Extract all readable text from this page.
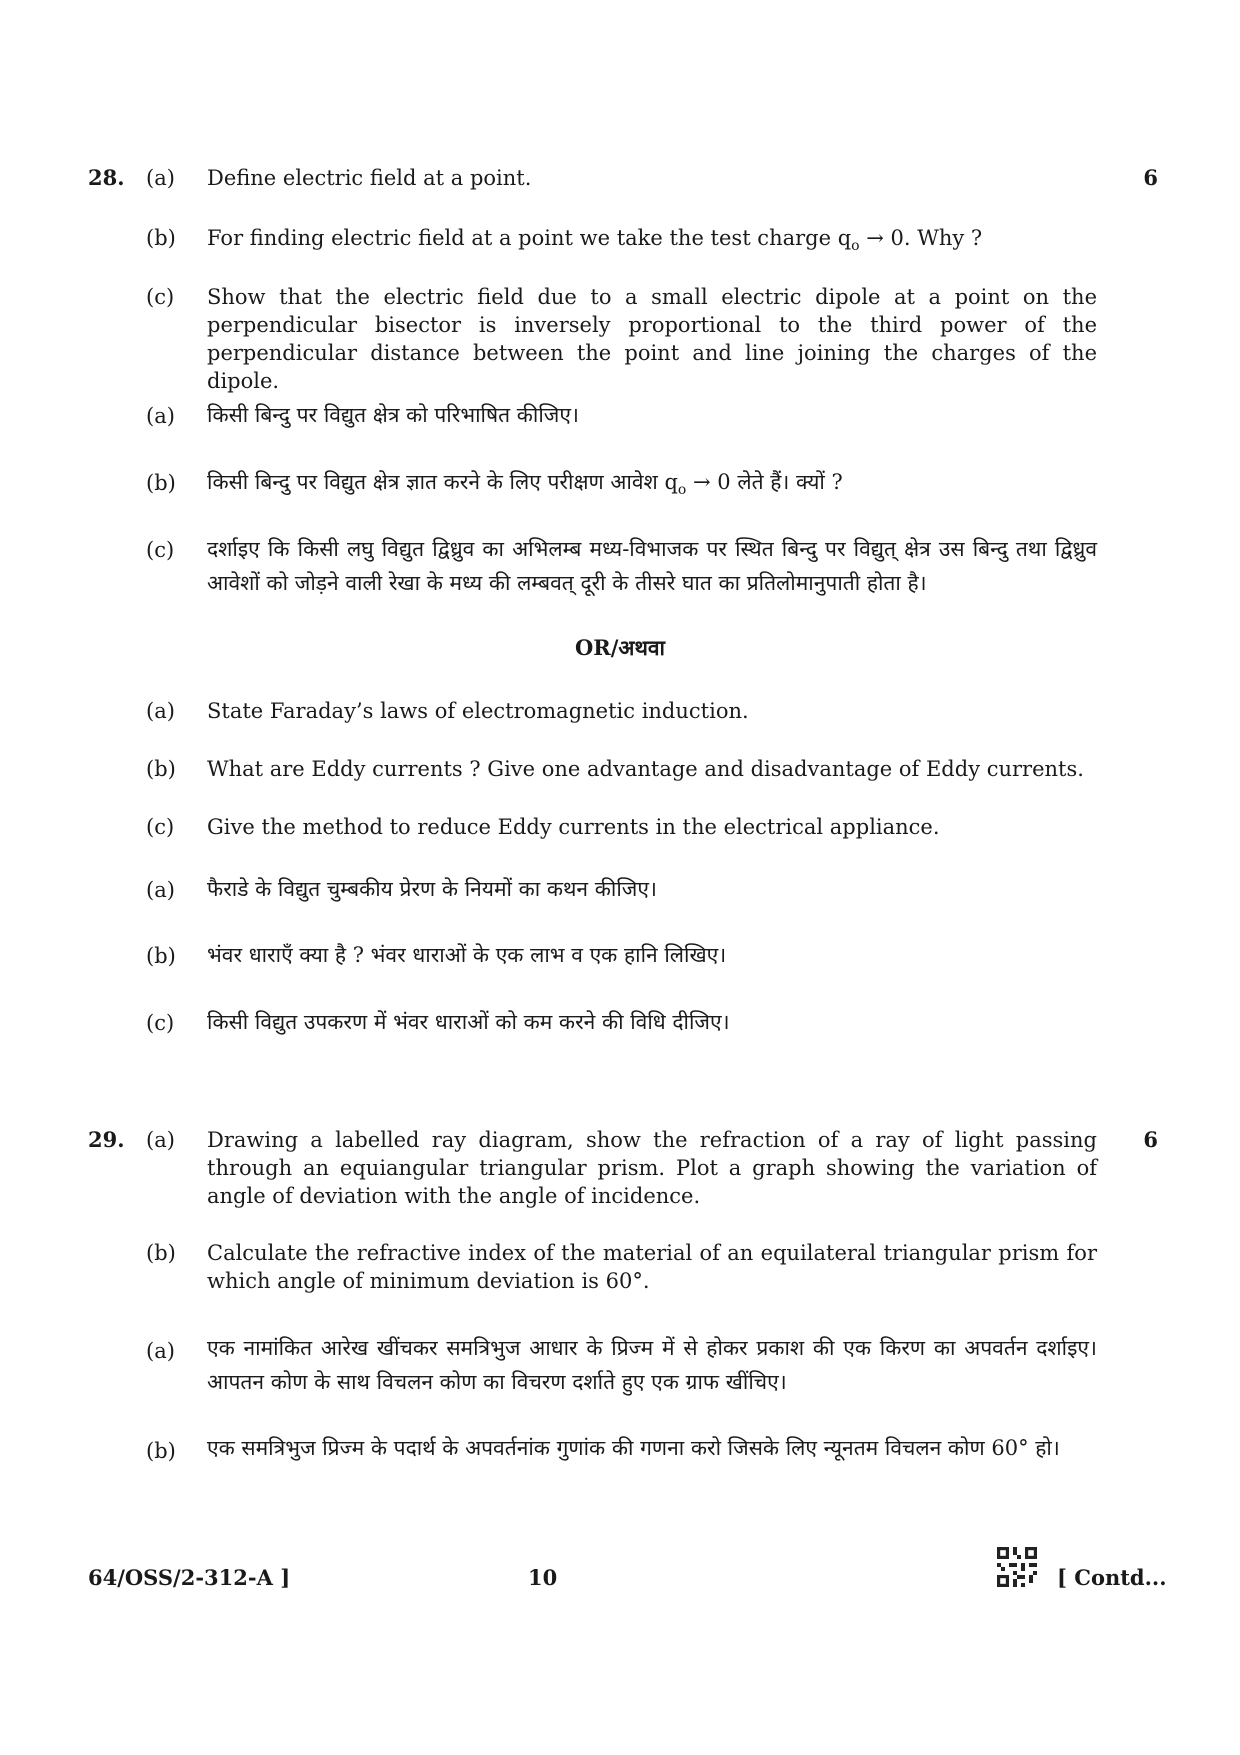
28.	6
(a) Define electric field at a point.
(b) For finding electric field at a point we take the test charge $q_o \to 0$. Why ?
(c) Show that the electric field due to a small electric dipole at a point on the perpendicular bisector is inversely proportional to the third power of the perpendicular distance between the point and line joining the charges of the dipole.
(a) किसी बिन्दु पर विद्युत क्षेत्र को परिभाषित कीजिए।
(b) किसी बिन्दु पर विद्युत क्षेत्र ज्ञात करने के लिए परीक्षण आवेश $q_o \to 0$ लेते हैं। क्यों ?
(c) दर्शाइए कि किसी लघु विद्युत द्विध्रुव का अभिलम्ब मध्य-विभाजक पर स्थित बिन्दु पर विद्युत् क्षेत्र उस बिन्दु तथा द्विध्रुव आवेशों को जोड़ने वाली रेखा के मध्य की लम्बवत् दूरी के तीसरे घात का प्रतिलोमानुपाती होता है।
OR/अथवा
(a) State Faraday’s laws of electromagnetic induction.
(b) What are Eddy currents ? Give one advantage and disadvantage of Eddy currents.
(c) Give the method to reduce Eddy currents in the electrical appliance.
(a) फैराडे के विद्युत चुम्बकीय प्रेरण के नियमों का कथन कीजिए।
(b) भंवर धाराएँ क्या है ? भंवर धाराओं के एक लाभ व एक हानि लिखिए।
(c) किसी विद्युत उपकरण में भंवर धाराओं को कम करने की विधि दीजिए।
29.	6
(a) Drawing a labelled ray diagram, show the refraction of a ray of light passing through an equiangular triangular prism. Plot a graph showing the variation of angle of deviation with the angle of incidence.
(b) Calculate the refractive index of the material of an equilateral triangular prism for which angle of minimum deviation is 60°.
(a) एक नामांकित आरेख खींचकर समत्रिभुज आधार के प्रिज्म में से होकर प्रकाश की एक किरण का अपवर्तन दर्शाइए। आपतन कोण के साथ विचलन कोण का विचरण दर्शाते हुए एक ग्राफ खींचिए।
(b) एक समत्रिभुज प्रिज्म के पदार्थ के अपवर्तनांक गुणांक की गणना करो जिसके लिए न्यूनतम विचलन कोण 60° हो।
64/OSS/2-312-A ]	10	[ Contd...
